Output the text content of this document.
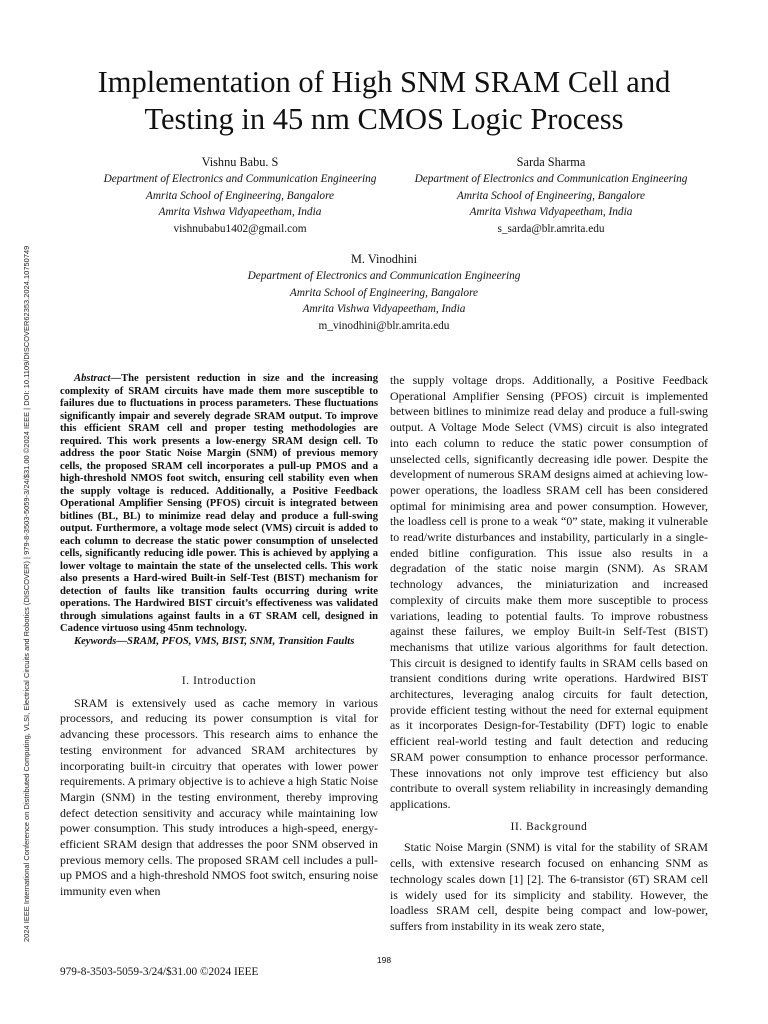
2024 IEEE International Conference on Distributed Computing, VLSI, Electrical Circuits and Robotics (DISCOVER) | 979-8-3503-5059-3/24/$31.00 ©2024 IEEE | DOI: 10.1109/DISCOVER62353.2024.10750749
Implementation of High SNM SRAM Cell and Testing in 45 nm CMOS Logic Process
Vishnu Babu. S
Department of Electronics and Communication Engineering
Amrita School of Engineering, Bangalore
Amrita Vishwa Vidyapeetham, India
vishnubabu1402@gmail.com
Sarda Sharma
Department of Electronics and Communication Engineering
Amrita School of Engineering, Bangalore
Amrita Vishwa Vidyapeetham, India
s_sarda@blr.amrita.edu
M. Vinodhini
Department of Electronics and Communication Engineering
Amrita School of Engineering, Bangalore
Amrita Vishwa Vidyapeetham, India
m_vinodhini@blr.amrita.edu

Abstract—The persistent reduction in size and the increasing complexity of SRAM circuits have made them more susceptible to failures due to fluctuations in process parameters. These fluctuations significantly impair and severely degrade SRAM output. To improve this efficient SRAM cell and proper testing methodologies are required. This work presents a low-energy SRAM design cell. To address the poor Static Noise Margin (SNM) of previous memory cells, the proposed SRAM cell incorporates a pull-up PMOS and a high-threshold NMOS foot switch, ensuring cell stability even when the supply voltage is reduced. Additionally, a Positive Feedback Operational Amplifier Sensing (PFOS) circuit is integrated between bitlines (BL, BL) to minimize read delay and produce a full-swing output. Furthermore, a voltage mode select (VMS) circuit is added to each column to decrease the static power consumption of unselected cells, significantly reducing idle power. This is achieved by applying a lower voltage to maintain the state of the unselected cells. This work also presents a Hard-wired Built-in Self-Test (BIST) mechanism for detection of faults like transition faults occurring during write operations. The Hardwired BIST circuit’s effectiveness was validated through simulations against faults in a 6T SRAM cell, designed in Cadence virtuoso using 45nm technology.

Keywords—SRAM, PFOS, VMS, BIST, SNM, Transition Faults

I. Introduction

SRAM is extensively used as cache memory in various processors, and reducing its power consumption is vital for advancing these processors. This research aims to enhance the testing environment for advanced SRAM architectures by incorporating built-in circuitry that operates with lower power requirements. A primary objective is to achieve a high Static Noise Margin (SNM) in the testing environment, thereby improving defect detection sensitivity and accuracy while maintaining low power consumption. This study introduces a high-speed, energy-efficient SRAM design that addresses the poor SNM observed in previous memory cells. The proposed SRAM cell includes a pull-up PMOS and a high-threshold NMOS foot switch, ensuring noise immunity even when

the supply voltage drops. Additionally, a Positive Feedback Operational Amplifier Sensing (PFOS) circuit is implemented between bitlines to minimize read delay and produce a full-swing output. A Voltage Mode Select (VMS) circuit is also integrated into each column to reduce the static power consumption of unselected cells, significantly decreasing idle power. Despite the development of numerous SRAM designs aimed at achieving low-power operations, the loadless SRAM cell has been considered optimal for minimising area and power consumption. However, the loadless cell is prone to a weak “0” state, making it vulnerable to read/write disturbances and instability, particularly in a single-ended bitline configuration. This issue also results in a degradation of the static noise margin (SNM). As SRAM technology advances, the miniaturization and increased complexity of circuits make them more susceptible to process variations, leading to potential faults. To improve robustness against these failures, we employ Built-in Self-Test (BIST) mechanisms that utilize various algorithms for fault detection. This circuit is designed to identify faults in SRAM cells based on transient conditions during write operations. Hardwired BIST architectures, leveraging analog circuits for fault detection, provide efficient testing without the need for external equipment as it incorporates Design-for-Testability (DFT) logic to enable efficient real-world testing and fault detection and reducing SRAM power consumption to enhance processor performance. These innovations not only improve test efficiency but also contribute to overall system reliability in increasingly demanding applications.

II. Background

Static Noise Margin (SNM) is vital for the stability of SRAM cells, with extensive research focused on enhancing SNM as technology scales down [1] [2]. The 6-transistor (6T) SRAM cell is widely used for its simplicity and stability. However, the loadless SRAM cell, despite being compact and low-power, suffers from instability in its weak zero state,

198
979-8-3503-5059-3/24/$31.00 ©2024 IEEE
